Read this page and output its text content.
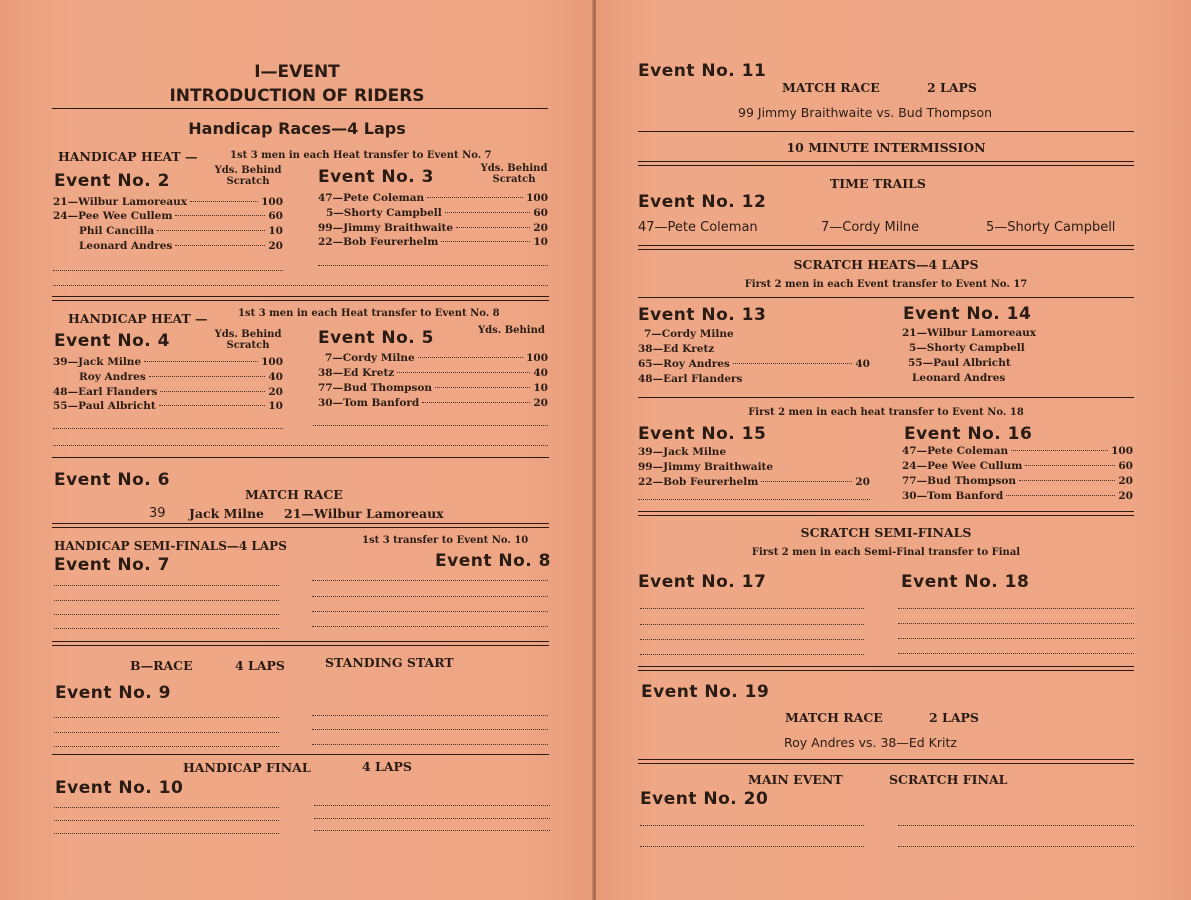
I—EVENT
INTRODUCTION OF RIDERS
Handicap Races—4 Laps
HANDICAP HEAT —	1st 3 men in each Heat transfer to Event No. 7
Event No. 2
Yds. Behind
Scratch
21—Wilbur Lamoreaux	100
24—Pee Wee Cullem	60
Phil Cancilla	10
Leonard Andres	20
Event No. 3	Yds. Behind
Scratch
47—Pete Coleman	100
5—Shorty Campbell	60
99—Jimmy Braithwaite	20
22—Bob Feurerhelm	10
HANDICAP HEAT —	1st 3 men in each Heat transfer to Event No. 8
Event No. 4	Yds. Behind
Scratch
39—Jack Milne	100
Roy Andres	40
48—Earl Flanders	20
55—Paul Albricht	10
Event No. 5	Yds. Behind
7—Cordy Milne	100
38—Ed Kretz	40
77—Bud Thompson	10
30—Tom Banford	20
Event No. 6
MATCH RACE
39 Jack Milne 21—Wilbur Lamoreaux
HANDICAP SEMI-FINALS—4 LAPS	1st 3 transfer to Event No. 10
Event No. 7	Event No. 8
B—RACE	4 LAPS	STANDING START
Event No. 9
HANDICAP FINAL	4 LAPS
Event No. 10
Event No. 11
MATCH RACE	2 LAPS
99 Jimmy Braithwaite vs. Bud Thompson
10 MINUTE INTERMISSION
TIME TRAILS
Event No. 12
47—Pete Coleman	7—Cordy Milne	5—Shorty Campbell
SCRATCH HEATS—4 LAPS
First 2 men in each Event transfer to Event No. 17
Event No. 13
7—Cordy Milne
38—Ed Kretz
65—Roy Andres	40
48—Earl Flanders
Event No. 14
21—Wilbur Lamoreaux
5—Shorty Campbell
55—Paul Albricht
Leonard Andres
First 2 men in each heat transfer to Event No. 18
Event No. 15
39—Jack Milne
99—Jimmy Braithwaite
22—Bob Feurerhelm	20
Event No. 16
47—Pete Coleman	100
24—Pee Wee Cullum	60
77—Bud Thompson	20
30—Tom Banford	20
SCRATCH SEMI-FINALS
First 2 men in each Semi-Final transfer to Final
Event No. 17	Event No. 18
Event No. 19
MATCH RACE	2 LAPS
Roy Andres vs. 38—Ed Kritz
MAIN EVENT	SCRATCH FINAL
Event No. 20
